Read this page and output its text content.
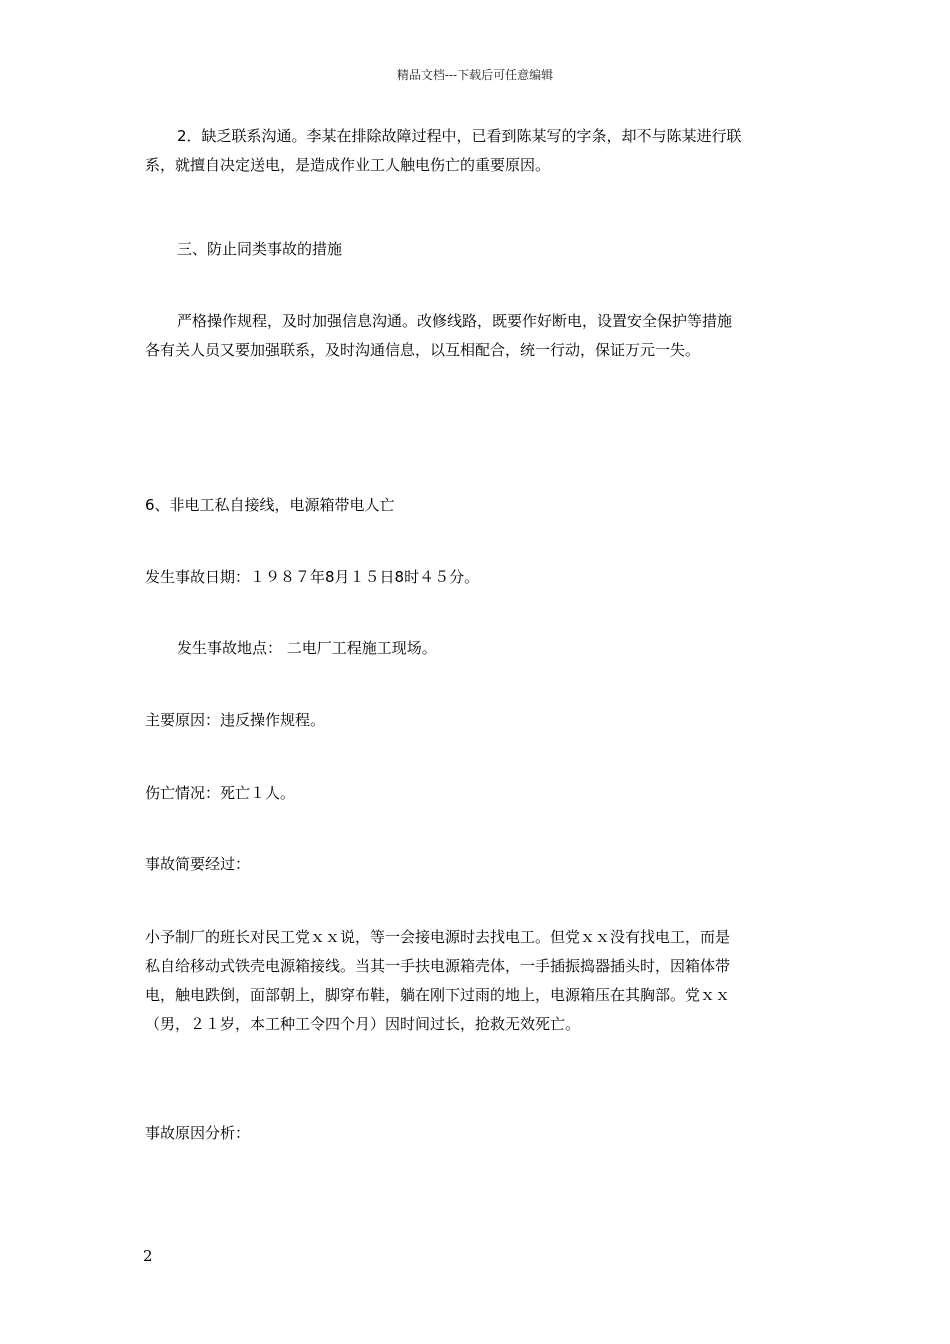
精品文档---下载后可任意编辑
2．缺乏联系沟通。李某在排除故障过程中，已看到陈某写的字条，却不与陈某进行联
系，就擅自决定送电，是造成作业工人触电伤亡的重要原因。
三、防止同类事故的措施
严格操作规程，及时加强信息沟通。改修线路，既要作好断电，设置安全保护等措施
各有关人员又要加强联系，及时沟通信息，以互相配合，统一行动，保证万元一失。
6、非电工私自接线，电源箱带电人亡
发生事故日期：１９８７年8月１５日8时４５分。
发生事故地点： 二电厂工程施工现场。
主要原因：违反操作规程。
伤亡情况：死亡１人。
事故简要经过：
小予制厂的班长对民工党ｘｘ说，等一会接电源时去找电工。但党ｘｘ没有找电工，而是
私自给移动式铁壳电源箱接线。当其一手扶电源箱壳体，一手插振捣器插头时，因箱体带
电，触电跌倒，面部朝上，脚穿布鞋，躺在刚下过雨的地上，电源箱压在其胸部。党ｘｘ
（男，２１岁，本工种工令四个月）因时间过长，抢救无效死亡。
事故原因分析：
2
